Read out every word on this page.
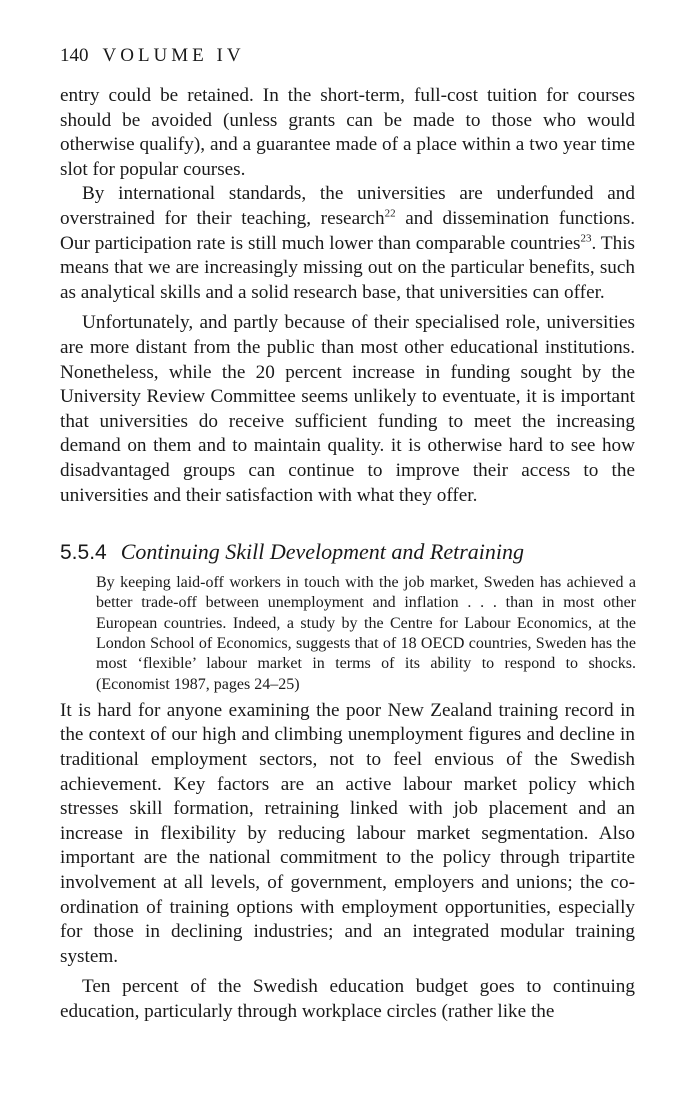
140 VOLUME IV

entry could be retained. In the short-term, full-cost tuition for courses should be avoided (unless grants can be made to those who would otherwise qualify), and a guarantee made of a place within a two year time slot for popular courses.

By international standards, the universities are underfunded and overstrained for their teaching, research$^{22}$ and dissemination functions. Our participation rate is still much lower than comparable countries$^{23}$. This means that we are increasingly missing out on the particular benefits, such as analytical skills and a solid research base, that universities can offer.

Unfortunately, and partly because of their specialised role, universities are more distant from the public than most other educational institutions. Nonetheless, while the 20 percent increase in funding sought by the University Review Committee seems unlikely to eventuate, it is important that universities do receive sufficient funding to meet the increasing demand on them and to maintain quality. it is otherwise hard to see how disadvantaged groups can continue to improve their access to the universities and their satisfaction with what they offer.

5.5.4 Continuing Skill Development and Retraining

By keeping laid-off workers in touch with the job market, Sweden has achieved a better trade-off between unemployment and inflation . . . than in most other European countries. Indeed, a study by the Centre for Labour Economics, at the London School of Economics, suggests that of 18 OECD countries, Sweden has the most ‘flexible’ labour market in terms of its ability to respond to shocks. (Economist 1987, pages 24–25)

It is hard for anyone examining the poor New Zealand training record in the context of our high and climbing unemployment figures and decline in traditional employment sectors, not to feel envious of the Swedish achievement. Key factors are an active labour market policy which stresses skill formation, retraining linked with job placement and an increase in flexibility by reducing labour market segmentation. Also important are the national commitment to the policy through tripartite involvement at all levels, of government, employers and unions; the co-ordination of training options with employment opportunities, especially for those in declining industries; and an integrated modular training system.

Ten percent of the Swedish education budget goes to continuing education, particularly through workplace circles (rather like the
